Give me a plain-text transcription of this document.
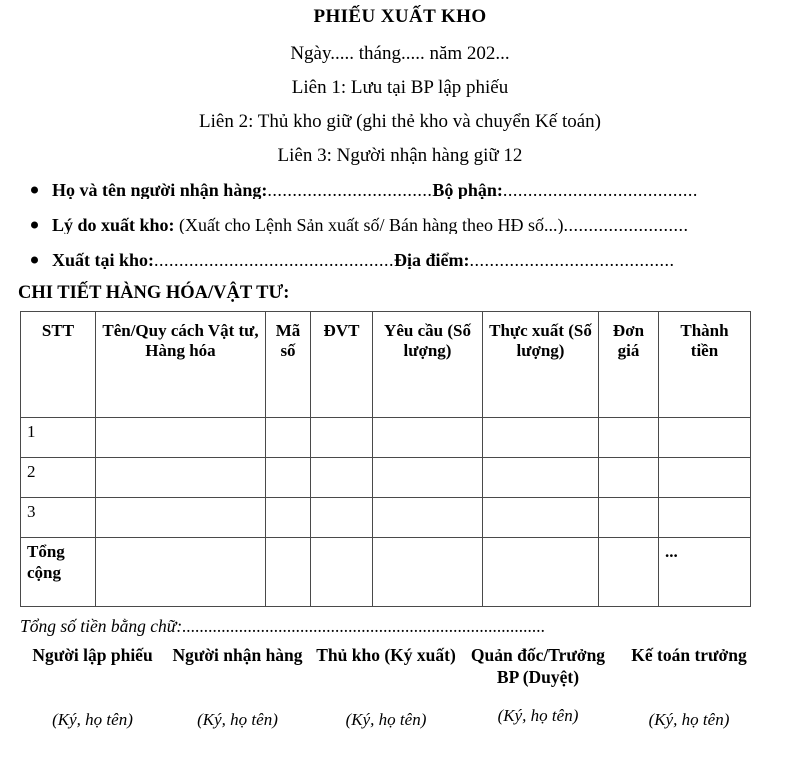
PHIẾU XUẤT KHO
Ngày..... tháng..... năm 202...
Liên 1: Lưu tại BP lập phiếu
Liên 2: Thủ kho giữ (ghi thẻ kho và chuyển Kế toán)
Liên 3: Người nhận hàng giữ 12
Họ và tên người nhận hàng:.................................Bộ phận:.......................................
Lý do xuất kho: (Xuất cho Lệnh Sản xuất số/ Bán hàng theo HĐ số...).........................
Xuất tại kho:................................................Địa điểm:.........................................
CHI TIẾT HÀNG HÓA/VẬT TƯ:
STT	Tên/Quy cách Vật tư, Hàng hóa	Mã số	ĐVT	Yêu cầu (Số lượng)	Thực xuất (Số lượng)	Đơn giá	Thành tiền
1							
2							
3							
Tổng cộng							...
Tổng số tiền bằng chữ:...................................................................................
Người lập phiếu
(Ký, họ tên)
Người nhận hàng
(Ký, họ tên)
Thủ kho (Ký xuất)
(Ký, họ tên)
Quản đốc/Trưởng BP (Duyệt)
(Ký, họ tên)
Kế toán trưởng
(Ký, họ tên)
